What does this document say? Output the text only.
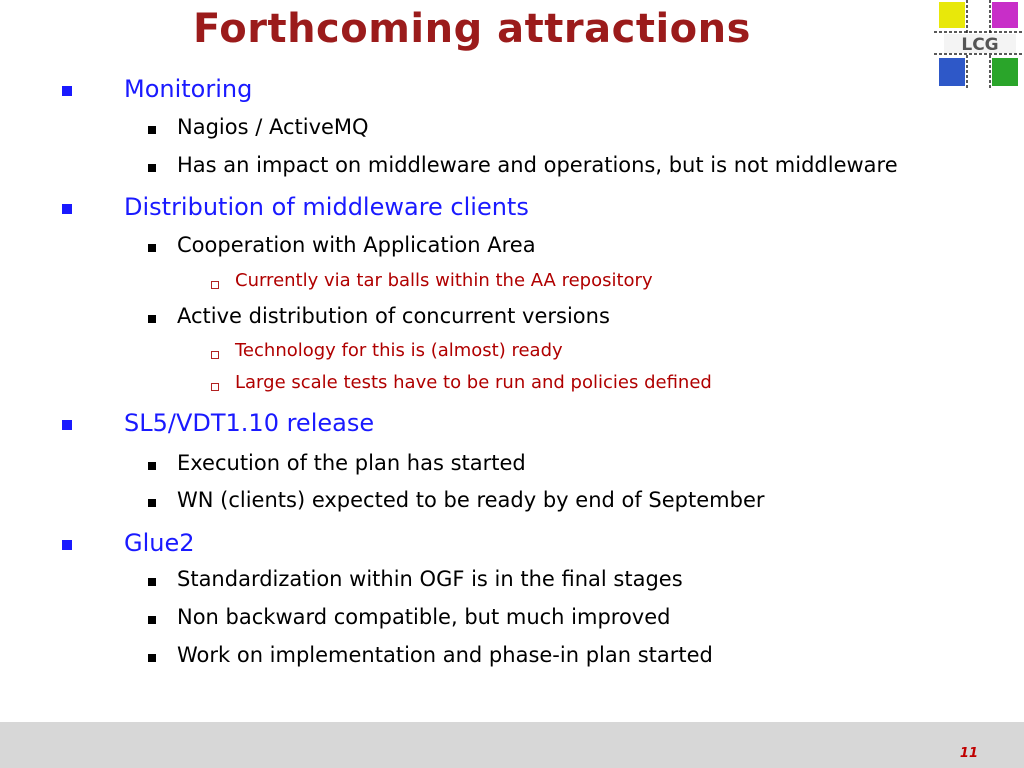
Forthcoming attractions	LCG
Monitoring
Nagios / ActiveMQ
Has an impact on middleware and operations, but is not middleware
Distribution of middleware clients
Cooperation with Application Area
Currently via tar balls within the AA repository
Active distribution of concurrent versions
Technology for this is (almost) ready
Large scale tests have to be run and policies defined
SL5/VDT1.10 release
Execution of the plan has started
WN (clients) expected to be ready by end of September
Glue2
Standardization within OGF is in the final stages
Non backward compatible, but much improved
Work on implementation and phase-in plan started
11
